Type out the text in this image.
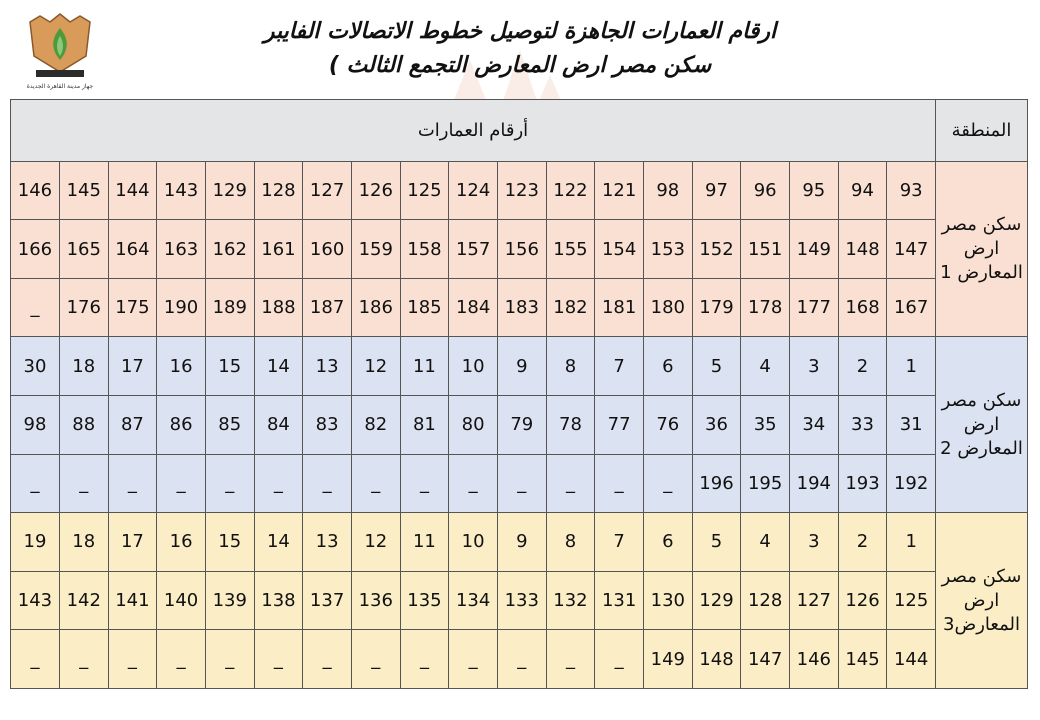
جهاز مدينة القاهرة الجديدة
ارقام العمارات الجاهزة لتوصيل خطوط الاتصالات الفايبر
سكن مصر ارض المعارض التجمع الثالث )
المنطقة	أرقام العمارات																		
سكن مصر ارض المعارض 1	93	94	95	96	97	98	121	122	123	124	125	126	127	128	129	143	144	145	146
	147	148	149	151	152	153	154	155	156	157	158	159	160	161	162	163	164	165	166
	167	168	177	178	179	180	181	182	183	184	185	186	187	188	189	190	175	176	_
سكن مصر ارض المعارض 2	1	2	3	4	5	6	7	8	9	10	11	12	13	14	15	16	17	18	30
	31	33	34	35	36	76	77	78	79	80	81	82	83	84	85	86	87	88	98
	192	193	194	195	196	_	_	_	_	_	_	_	_	_	_	_	_	_	_
سكن مصر ارض المعارض3	1	2	3	4	5	6	7	8	9	10	11	12	13	14	15	16	17	18	19
	125	126	127	128	129	130	131	132	133	134	135	136	137	138	139	140	141	142	143
	144	145	146	147	148	149	_	_	_	_	_	_	_	_	_	_	_	_	_
